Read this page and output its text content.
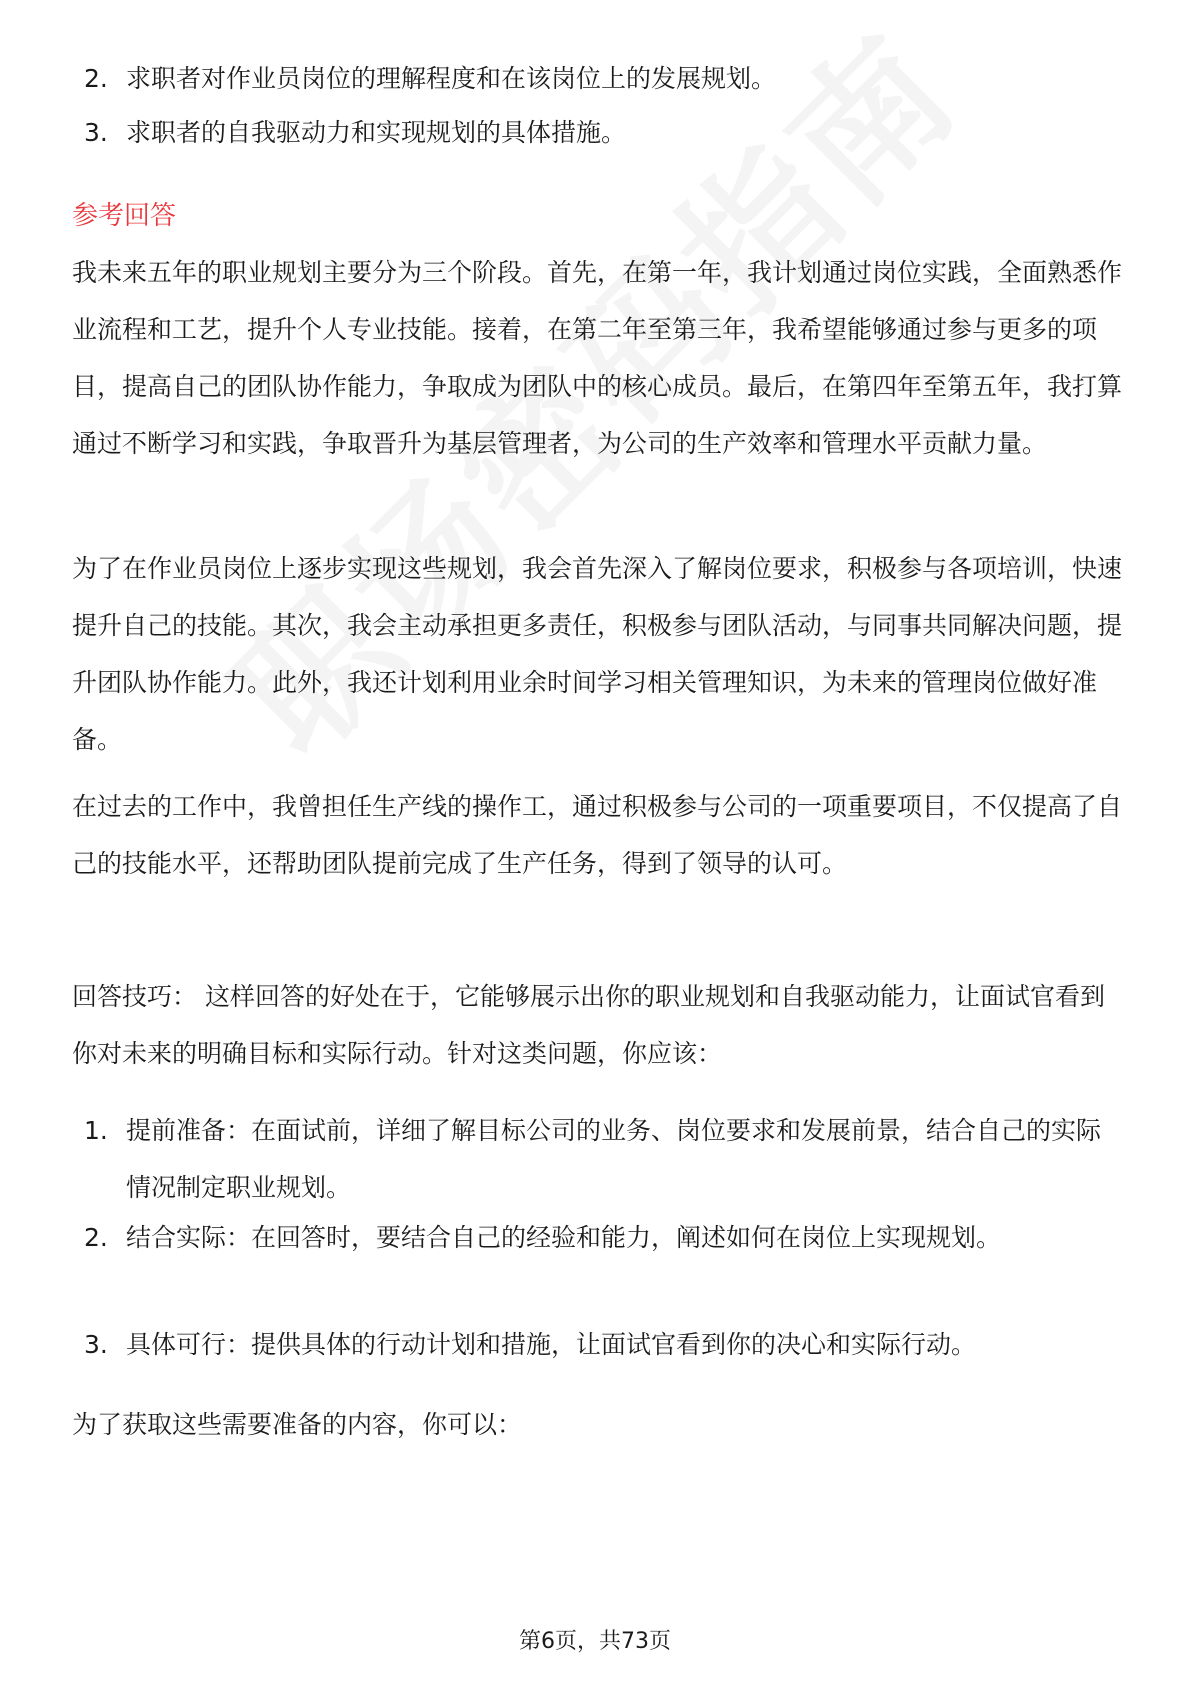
2. 求职者对作业员岗位的理解程度和在该岗位上的发展规划。
3. 求职者的自我驱动力和实现规划的具体措施。
参考回答
我未来五年的职业规划主要分为三个阶段。首先，在第一年，我计划通过岗位实践，全面熟悉作业流程和工艺，提升个人专业技能。接着，在第二年至第三年，我希望能够通过参与更多的项目，提高自己的团队协作能力，争取成为团队中的核心成员。最后，在第四年至第五年，我打算通过不断学习和实践，争取晋升为基层管理者，为公司的生产效率和管理水平贡献力量。
为了在作业员岗位上逐步实现这些规划，我会首先深入了解岗位要求，积极参与各项培训，快速提升自己的技能。其次，我会主动承担更多责任，积极参与团队活动，与同事共同解决问题，提升团队协作能力。此外，我还计划利用业余时间学习相关管理知识，为未来的管理岗位做好准备。
在过去的工作中，我曾担任生产线的操作工，通过积极参与公司的一项重要项目，不仅提高了自己的技能水平，还帮助团队提前完成了生产任务，得到了领导的认可。
回答技巧： 这样回答的好处在于，它能够展示出你的职业规划和自我驱动能力，让面试官看到你对未来的明确目标和实际行动。针对这类问题，你应该：
1. 提前准备：在面试前，详细了解目标公司的业务、岗位要求和发展前景，结合自己的实际情况制定职业规划。
2. 结合实际：在回答时，要结合自己的经验和能力，阐述如何在岗位上实现规划。
3. 具体可行：提供具体的行动计划和措施，让面试官看到你的决心和实际行动。
为了获取这些需要准备的内容，你可以：
第6页，共73页
